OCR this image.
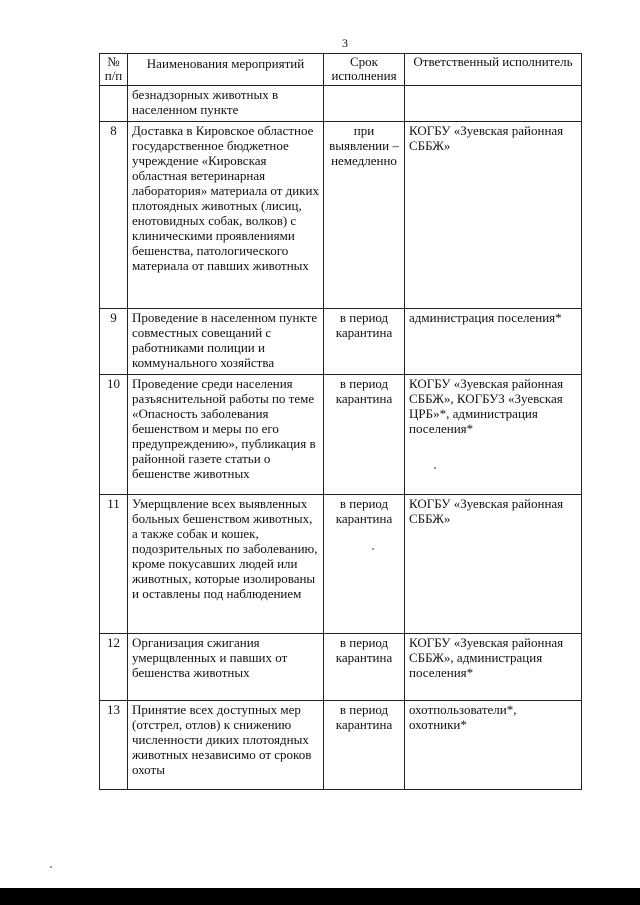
3
№ п/п	Наименования мероприятий	Срок исполнения	Ответственный исполнитель
	безнадзорных животных в населенном пункте		
8	Доставка в Кировское областное государственное бюджетное учреждение «Кировская областная ветеринарная лаборатория» материала от диких плотоядных животных (лисиц, енотовидных собак, волков) с клиническими проявлениями бешенства, патологического материала от павших животных	при выявлении – немедленно	КОГБУ «Зуевская районная СББЖ»
9	Проведение в населенном пункте совместных совещаний с работниками полиции и коммунального хозяйства	в период карантина	администрация поселения*
10	Проведение среди населения разъяснительной работы по теме «Опасность заболевания бешенством и меры по его предупреждению», публикация в районной газете статьи о бешенстве животных	в период карантина	КОГБУ «Зуевская районная СББЖ», КОГБУЗ «Зуевская ЦРБ»*, администрация поселения*
11	Умерщвление всех выявленных больных бешенством животных, а также собак и кошек, подозрительных по заболеванию, кроме покусавших людей или животных, которые изолированы и оставлены под наблюдением	в период карантина	КОГБУ «Зуевская районная СББЖ»
12	Организация сжигания умерщвленных и павших от бешенства животных	в период карантина	КОГБУ «Зуевская районная СББЖ», администрация поселения*
13	Принятие всех доступных мер (отстрел, отлов) к снижению численности диких плотоядных животных независимо от сроков охоты	в период карантина	охотпользователи*, охотники*
